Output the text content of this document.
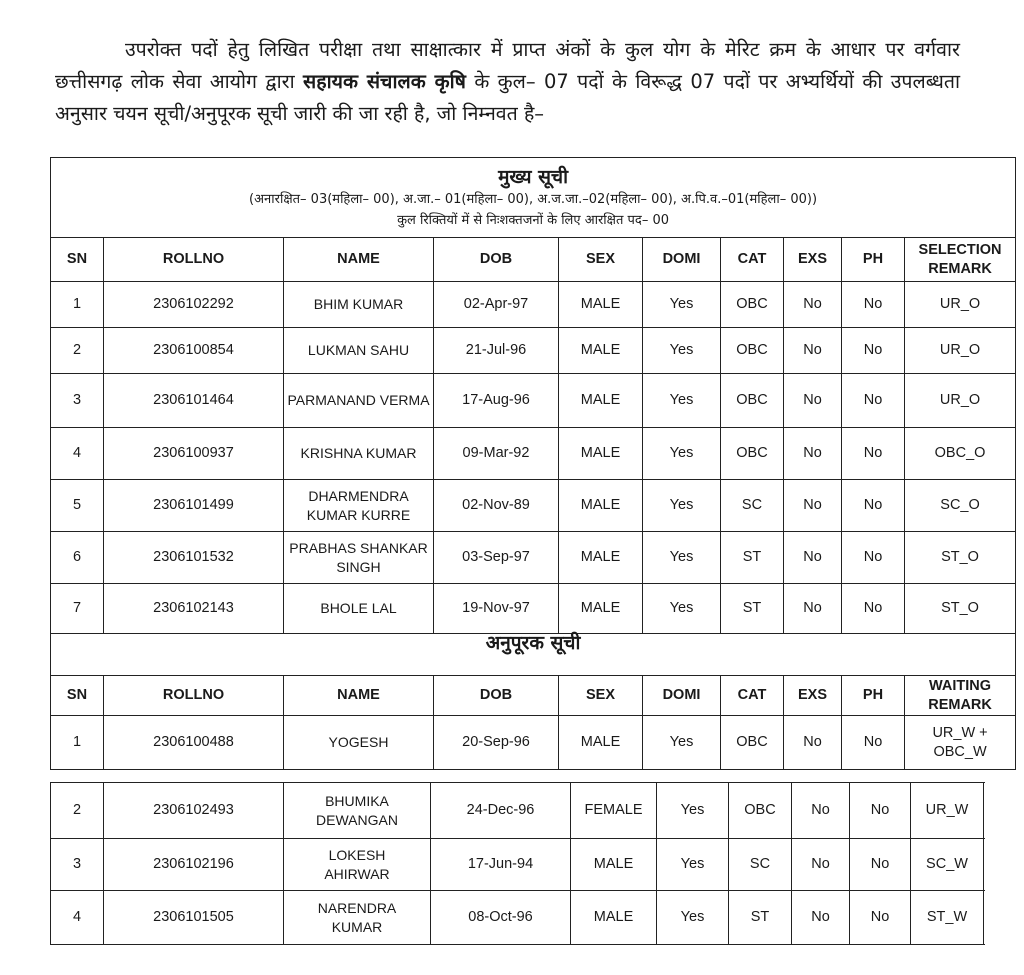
उपरोक्त पदों हेतु लिखित परीक्षा तथा साक्षात्कार में प्राप्त अंकों के कुल योग के मेरिट क्रम के आधार पर वर्गवार छत्तीसगढ़ लोक सेवा आयोग द्वारा सहायक संचालक कृषि के कुल– 07 पदों के विरूद्ध 07 पदों पर अभ्यर्थियों की उपलब्धता अनुसार चयन सूची/अनुपूरक सूची जारी की जा रही है, जो निम्नवत है–
मुख्य सूची
(अनारक्षित– 03(महिला– 00), अ.जा.– 01(महिला– 00), अ.ज.जा.–02(महिला– 00), अ.पि.व.–01(महिला– 00))
कुल रिक्तियों में से निःशक्तजनों के लिए आरक्षित पद– 00									

SN	ROLLNO	NAME	DOB	SEX	DOMI	CAT	EXS	PH	SELECTION REMARK
1	2306102292	BHIM KUMAR	02-Apr-97	MALE	Yes	OBC	No	No	UR_O
2	2306100854	LUKMAN SAHU	21-Jul-96	MALE	Yes	OBC	No	No	UR_O
3	2306101464	PARMANAND VERMA	17-Aug-96	MALE	Yes	OBC	No	No	UR_O
4	2306100937	KRISHNA KUMAR	09-Mar-92	MALE	Yes	OBC	No	No	OBC_O
5	2306101499	DHARMENDRA KUMAR KURRE	02-Nov-89	MALE	Yes	SC	No	No	SC_O
6	2306101532	PRABHAS SHANKAR SINGH	03-Sep-97	MALE	Yes	ST	No	No	ST_O
7	2306102143	BHOLE LAL	19-Nov-97	MALE	Yes	ST	No	No	ST_O
अनुपूरक सूची									
SN	ROLLNO	NAME	DOB	SEX	DOMI	CAT	EXS	PH	WAITING REMARK
1	2306100488	YOGESH	20-Sep-96	MALE	Yes	OBC	No	No	UR_W + OBC_W
2	2306102493	BHUMIKA DEWANGAN	24-Dec-96	FEMALE	Yes	OBC	No	No	UR_W
3	2306102196	LOKESH AHIRWAR	17-Jun-94	MALE	Yes	SC	No	No	SC_W
4	2306101505	NARENDRA KUMAR	08-Oct-96	MALE	Yes	ST	No	No	ST_W
